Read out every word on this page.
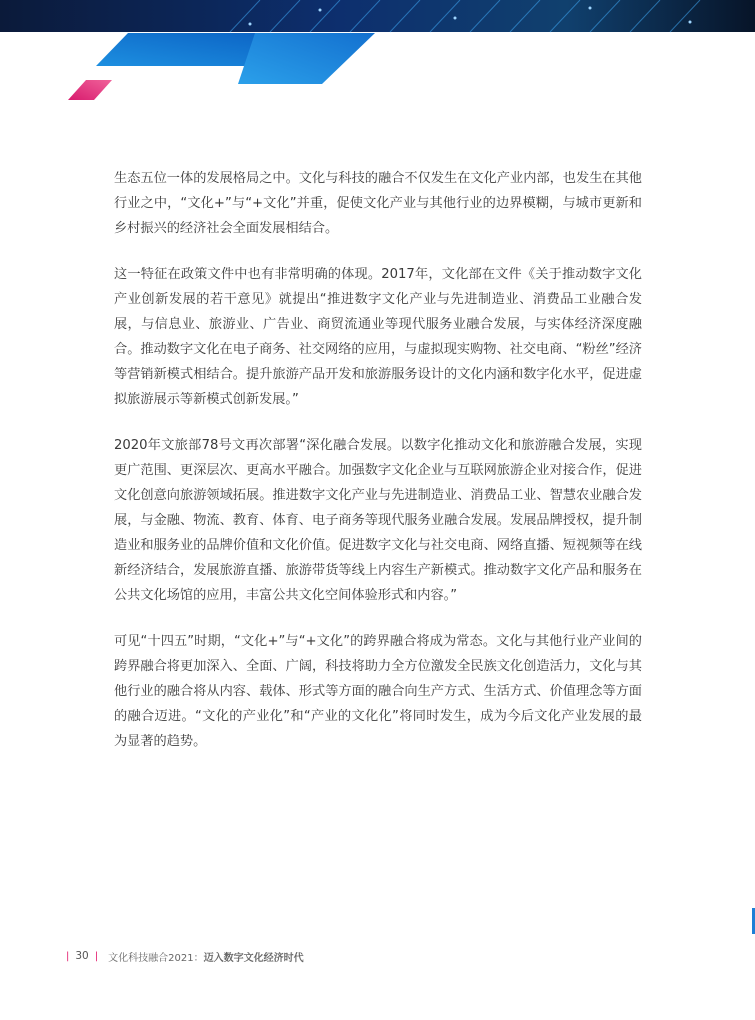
生态五位一体的发展格局之中。文化与科技的融合不仅发生在文化产业内部，也发生在其他行业之中，“文化+”与“+文化”并重，促使文化产业与其他行业的边界模糊，与城市更新和乡村振兴的经济社会全面发展相结合。

这一特征在政策文件中也有非常明确的体现。2017年，文化部在文件《关于推动数字文化产业创新发展的若干意见》就提出“推进数字文化产业与先进制造业、消费品工业融合发展，与信息业、旅游业、广告业、商贸流通业等现代服务业融合发展，与实体经济深度融合。推动数字文化在电子商务、社交网络的应用，与虚拟现实购物、社交电商、“粉丝”经济等营销新模式相结合。提升旅游产品开发和旅游服务设计的文化内涵和数字化水平，促进虚拟旅游展示等新模式创新发展。”

2020年文旅部78号文再次部署“深化融合发展。以数字化推动文化和旅游融合发展，实现更广范围、更深层次、更高水平融合。加强数字文化企业与互联网旅游企业对接合作，促进文化创意向旅游领域拓展。推进数字文化产业与先进制造业、消费品工业、智慧农业融合发展，与金融、物流、教育、体育、电子商务等现代服务业融合发展。发展品牌授权，提升制造业和服务业的品牌价值和文化价值。促进数字文化与社交电商、网络直播、短视频等在线新经济结合，发展旅游直播、旅游带货等线上内容生产新模式。推动数字文化产品和服务在公共文化场馆的应用，丰富公共文化空间体验形式和内容。”

可见“十四五”时期，“文化+”与“+文化”的跨界融合将成为常态。文化与其他行业产业间的跨界融合将更加深入、全面、广阔，科技将助力全方位激发全民族文化创造活力，文化与其他行业的融合将从内容、载体、形式等方面的融合向生产方式、生活方式、价值理念等方面的融合迈进。“文化的产业化”和“产业的文化化”将同时发生，成为今后文化产业发展的最为显著的趋势。

| 30 | 文化科技融合2021：迈入数字文化经济时代
